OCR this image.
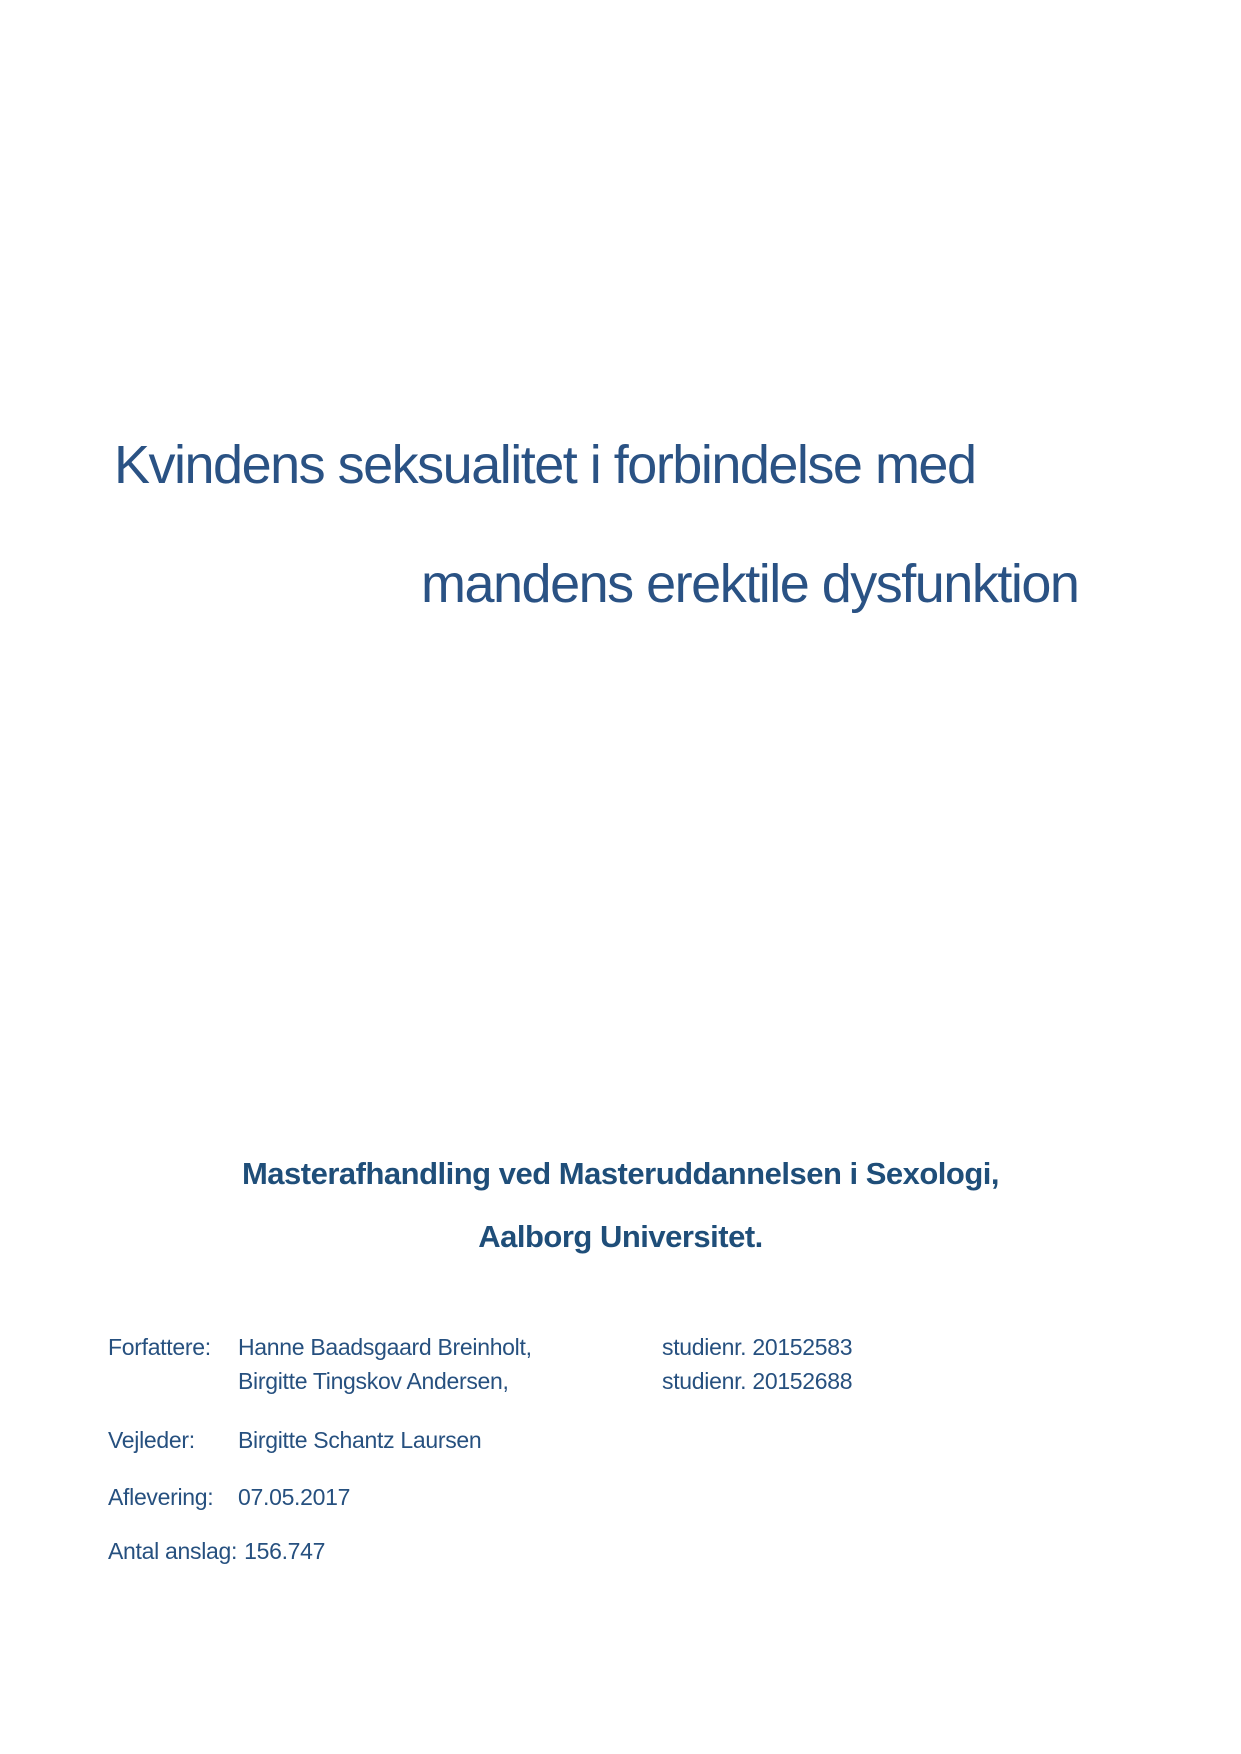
Kvindens seksualitet i forbindelse med
mandens erektile dysfunktion
Masterafhandling ved Masteruddannelsen i Sexologi,
Aalborg Universitet.
Forfattere: Hanne Baadsgaard Breinholt,	studienr. 20152583
Birgitte Tingskov Andersen,	studienr. 20152688
Vejleder: Birgitte Schantz Laursen
Aflevering: 07.05.2017
Antal anslag: 156.747
